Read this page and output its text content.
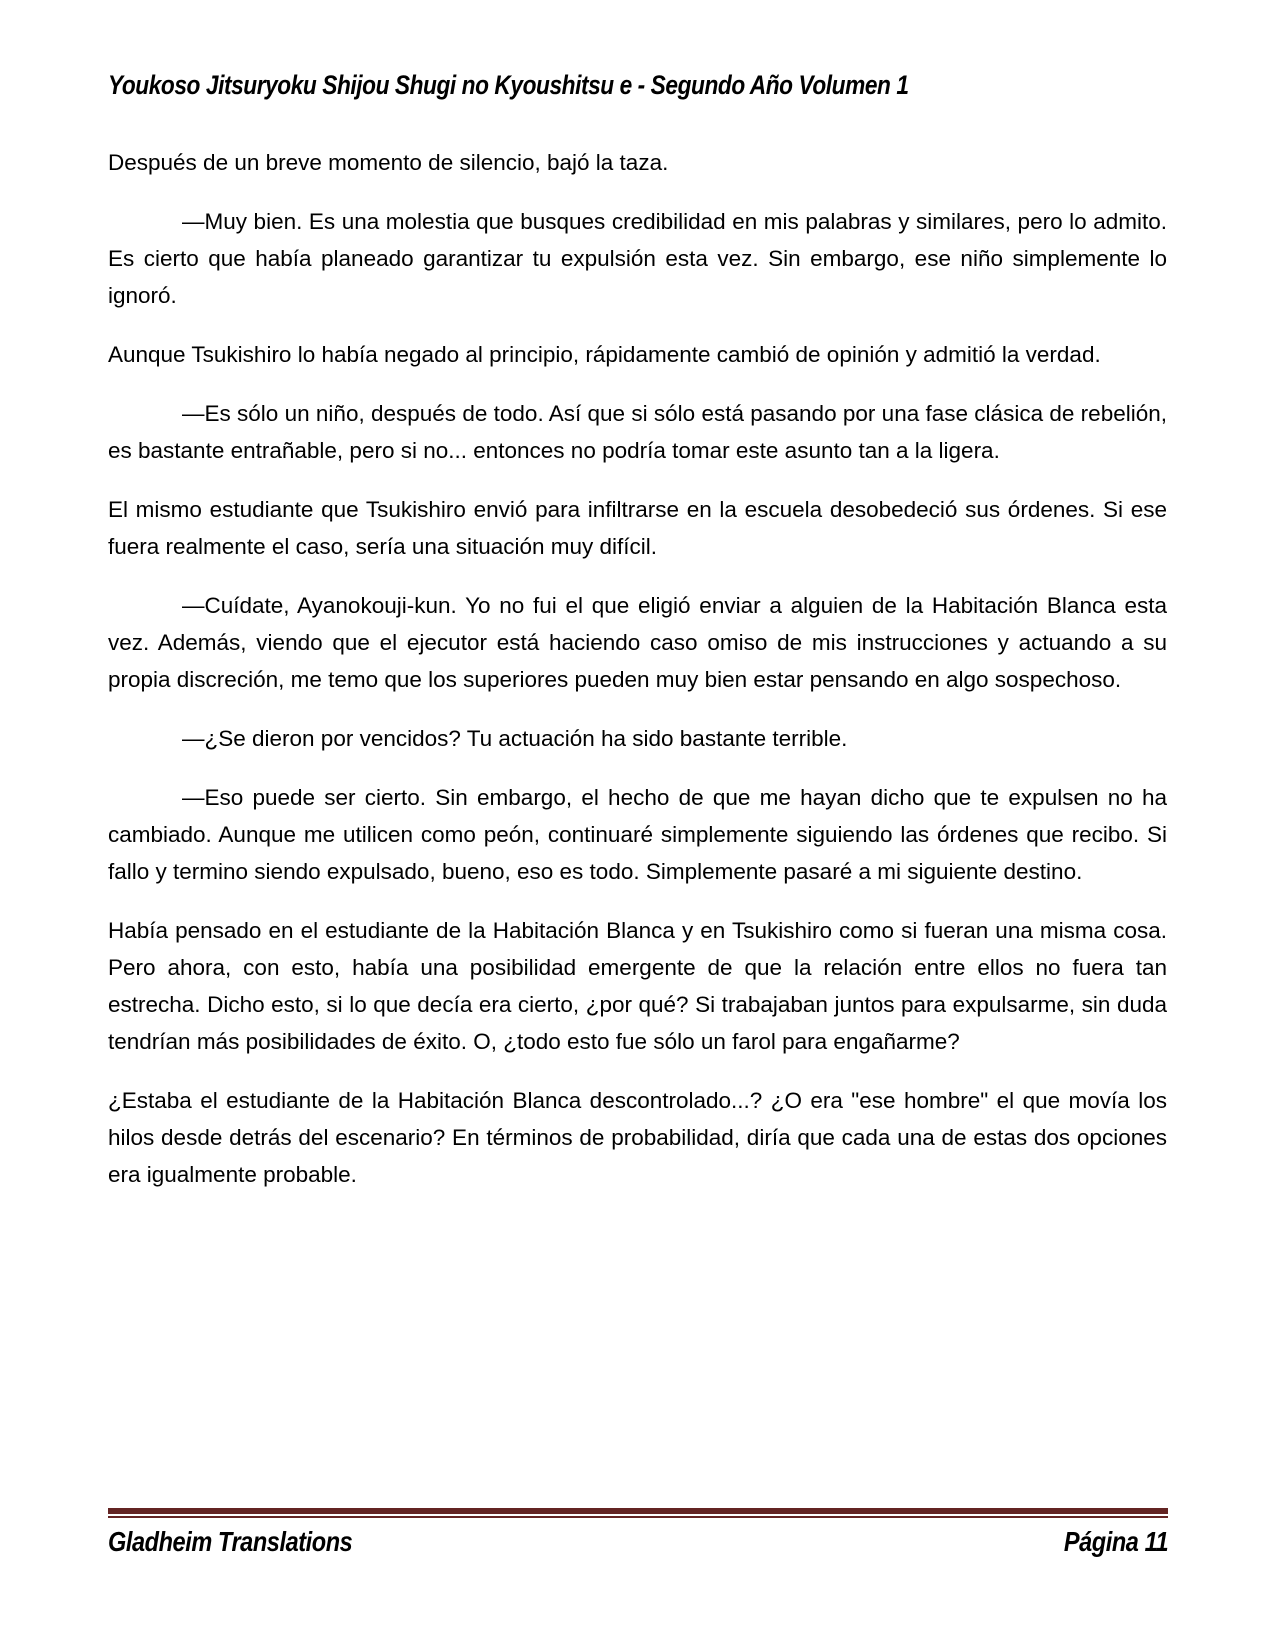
Youkoso Jitsuryoku Shijou Shugi no Kyoushitsu e - Segundo Año Volumen 1

Después de un breve momento de silencio, bajó la taza.

—Muy bien. Es una molestia que busques credibilidad en mis palabras y similares, pero lo admito. Es cierto que había planeado garantizar tu expulsión esta vez. Sin embargo, ese niño simplemente lo ignoró.

Aunque Tsukishiro lo había negado al principio, rápidamente cambió de opinión y admitió la verdad.

—Es sólo un niño, después de todo. Así que si sólo está pasando por una fase clásica de rebelión, es bastante entrañable, pero si no... entonces no podría tomar este asunto tan a la ligera.

El mismo estudiante que Tsukishiro envió para infiltrarse en la escuela desobedeció sus órdenes. Si ese fuera realmente el caso, sería una situación muy difícil.

—Cuídate, Ayanokouji-kun. Yo no fui el que eligió enviar a alguien de la Habitación Blanca esta vez. Además, viendo que el ejecutor está haciendo caso omiso de mis instrucciones y actuando a su propia discreción, me temo que los superiores pueden muy bien estar pensando en algo sospechoso.

—¿Se dieron por vencidos? Tu actuación ha sido bastante terrible.

—Eso puede ser cierto. Sin embargo, el hecho de que me hayan dicho que te expulsen no ha cambiado. Aunque me utilicen como peón, continuaré simplemente siguiendo las órdenes que recibo. Si fallo y termino siendo expulsado, bueno, eso es todo. Simplemente pasaré a mi siguiente destino.

Había pensado en el estudiante de la Habitación Blanca y en Tsukishiro como si fueran una misma cosa. Pero ahora, con esto, había una posibilidad emergente de que la relación entre ellos no fuera tan estrecha. Dicho esto, si lo que decía era cierto, ¿por qué? Si trabajaban juntos para expulsarme, sin duda tendrían más posibilidades de éxito. O, ¿todo esto fue sólo un farol para engañarme?

¿Estaba el estudiante de la Habitación Blanca descontrolado...? ¿O era "ese hombre" el que movía los hilos desde detrás del escenario? En términos de probabilidad, diría que cada una de estas dos opciones era igualmente probable.

Gladheim Translations	Página 11
